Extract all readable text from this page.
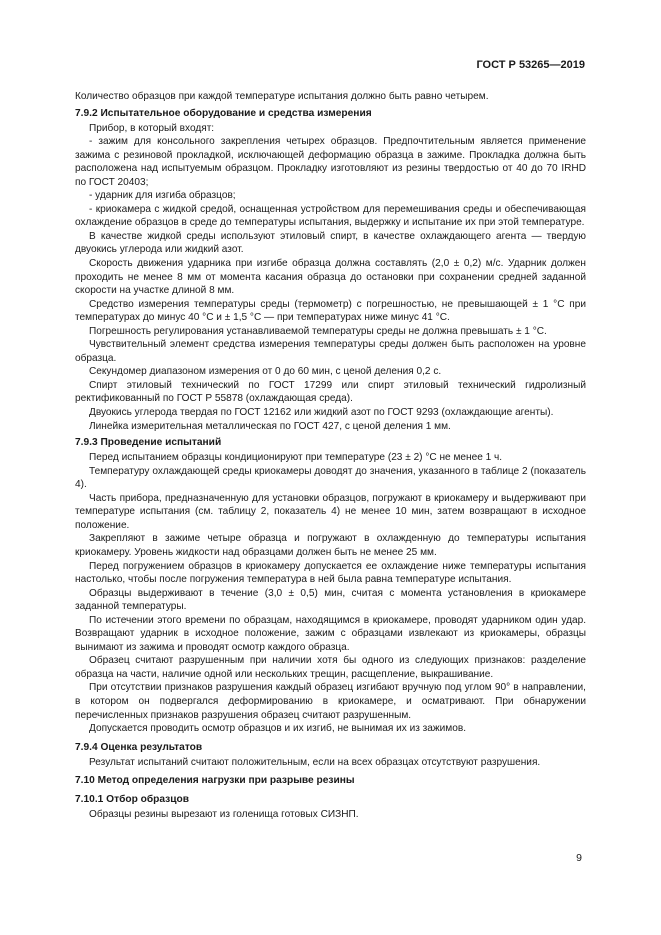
ГОСТ Р 53265—2019

Количество образцов при каждой температуре испытания должно быть равно четырем.

7.9.2 Испытательное оборудование и средства измерения

Прибор, в который входят:

- зажим для консольного закрепления четырех образцов. Предпочтительным является применение зажима с резиновой прокладкой, исключающей деформацию образца в зажиме. Прокладка должна быть расположена над испытуемым образцом. Прокладку изготовляют из резины твердостью от 40 до 70 IRHD по ГОСТ 20403;

- ударник для изгиба образцов;

- криокамера с жидкой средой, оснащенная устройством для перемешивания среды и обеспечивающая охлаждение образцов в среде до температуры испытания, выдержку и испытание их при этой температуре.

В качестве жидкой среды используют этиловый спирт, в качестве охлаждающего агента — твердую двуокись углерода или жидкий азот.

Скорость движения ударника при изгибе образца должна составлять (2,0 ± 0,2) м/с. Ударник должен проходить не менее 8 мм от момента касания образца до остановки при сохранении средней заданной скорости на участке длиной 8 мм.

Средство измерения температуры среды (термометр) с погрешностью, не превышающей ± 1 °С при температурах до минус 40 °С и ± 1,5 °С — при температурах ниже минус 41 °С.

Погрешность регулирования устанавливаемой температуры среды не должна превышать ± 1 °С.

Чувствительный элемент средства измерения температуры среды должен быть расположен на уровне образца.

Секундомер диапазоном измерения от 0 до 60 мин, с ценой деления 0,2 с.

Спирт этиловый технический по ГОСТ 17299 или спирт этиловый технический гидролизный ректификованный по ГОСТ Р 55878 (охлаждающая среда).

Двуокись углерода твердая по ГОСТ 12162 или жидкий азот по ГОСТ 9293 (охлаждающие агенты).

Линейка измерительная металлическая по ГОСТ 427, с ценой деления 1 мм.

7.9.3 Проведение испытаний

Перед испытанием образцы кондиционируют при температуре (23 ± 2) °С не менее 1 ч.

Температуру охлаждающей среды криокамеры доводят до значения, указанного в таблице 2 (показатель 4).

Часть прибора, предназначенную для установки образцов, погружают в криокамеру и выдерживают при температуре испытания (см. таблицу 2, показатель 4) не менее 10 мин, затем возвращают в исходное положение.

Закрепляют в зажиме четыре образца и погружают в охлажденную до температуры испытания криокамеру. Уровень жидкости над образцами должен быть не менее 25 мм.

Перед погружением образцов в криокамеру допускается ее охлаждение ниже температуры испытания настолько, чтобы после погружения температура в ней была равна температуре испытания.

Образцы выдерживают в течение (3,0 ± 0,5) мин, считая с момента установления в криокамере заданной температуры.

По истечении этого времени по образцам, находящимся в криокамере, проводят ударником один удар. Возвращают ударник в исходное положение, зажим с образцами извлекают из криокамеры, образцы вынимают из зажима и проводят осмотр каждого образца.

Образец считают разрушенным при наличии хотя бы одного из следующих признаков: разделение образца на части, наличие одной или нескольких трещин, расщепление, выкрашивание.

При отсутствии признаков разрушения каждый образец изгибают вручную под углом 90° в направлении, в котором он подвергался деформированию в криокамере, и осматривают. При обнаружении перечисленных признаков разрушения образец считают разрушенным.

Допускается проводить осмотр образцов и их изгиб, не вынимая их из зажимов.

7.9.4 Оценка результатов

Результат испытаний считают положительным, если на всех образцах отсутствуют разрушения.

7.10 Метод определения нагрузки при разрыве резины
7.10.1 Отбор образцов

Образцы резины вырезают из голенища готовых СИЗНП.

9
